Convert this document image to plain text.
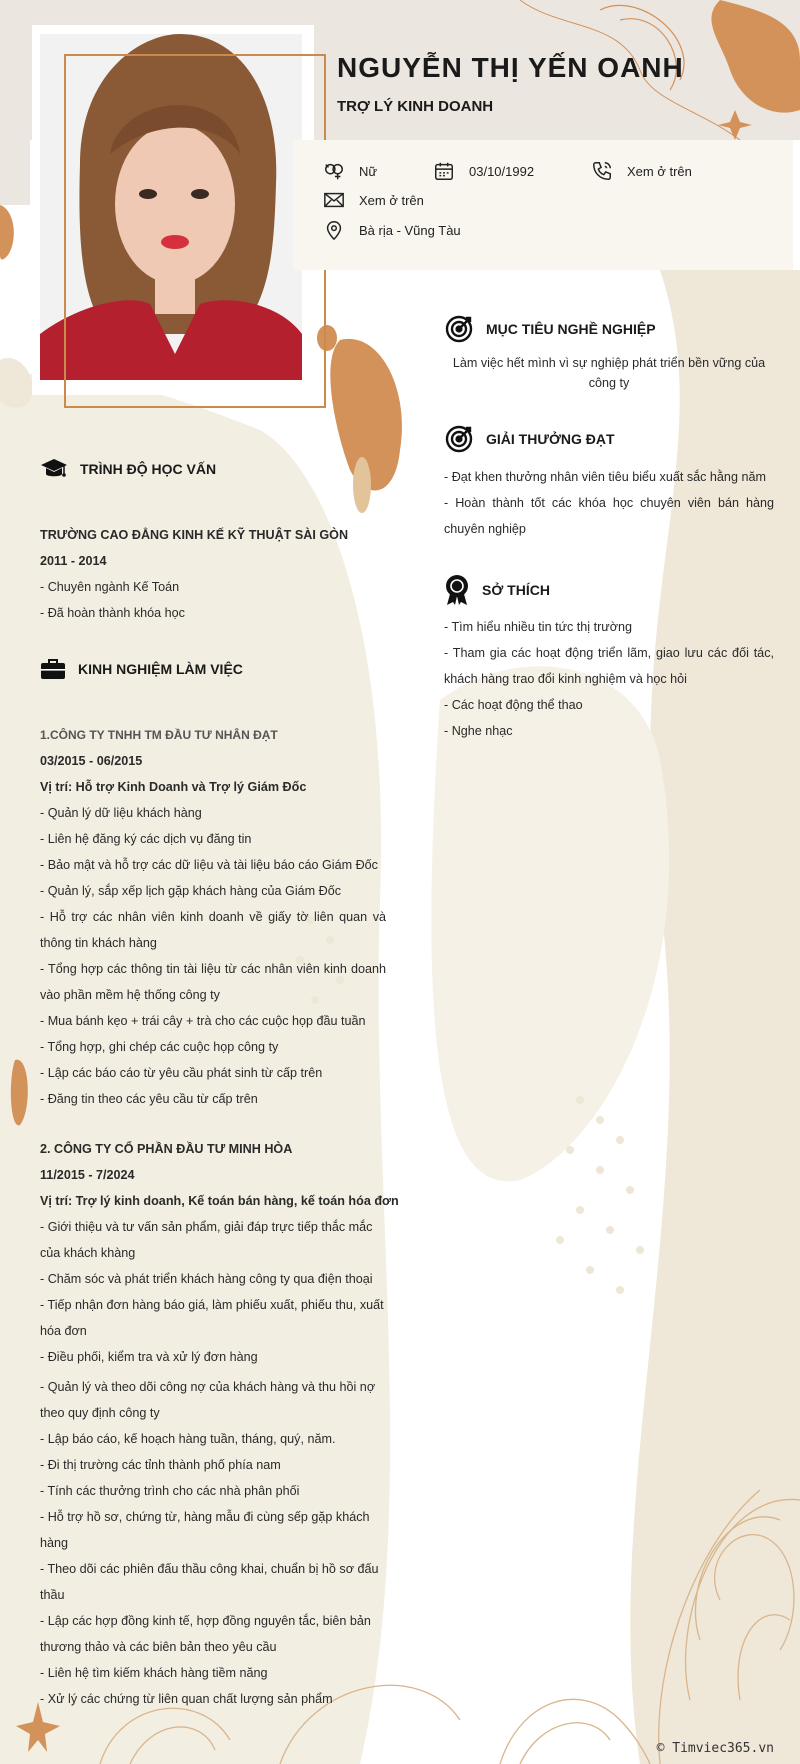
NGUYỄN THỊ YẾN OANH
TRỢ LÝ KINH DOANH
Nữ	03/10/1992	Xem ở trên
Xem ở trên
Bà rịa - Vũng Tàu
TRÌNH ĐỘ HỌC VẤN
TRƯỜNG CAO ĐẲNG KINH KẾ KỸ THUẬT SÀI GÒN
2011 - 2014
- Chuyên ngành Kế Toán
- Đã hoàn thành khóa học
KINH NGHIỆM LÀM VIỆC
1.CÔNG TY TNHH TM ĐẦU TƯ NHÂN ĐẠT
03/2015 - 06/2015
Vị trí: Hỗ trợ Kinh Doanh và Trợ lý Giám Đốc
- Quản lý dữ liệu khách hàng
- Liên hệ đăng ký các dịch vụ đăng tin
- Bảo mật và hỗ trợ các dữ liệu và tài liệu báo cáo Giám Đốc
- Quản lý, sắp xếp lịch gặp khách hàng của Giám Đốc
- Hỗ trợ các nhân viên kinh doanh về giấy tờ liên quan và thông tin khách hàng
- Tổng hợp các thông tin tài liệu từ các nhân viên kinh doanh vào phần mềm hệ thống công ty
- Mua bánh kẹo + trái cây + trà cho các cuộc họp đầu tuần
- Tổng hợp, ghi chép các cuộc họp công ty
- Lập các báo cáo từ yêu cầu phát sinh từ cấp trên
- Đăng tin theo các yêu cầu từ cấp trên
2. CÔNG TY CỔ PHẦN ĐẦU TƯ MINH HÒA
11/2015 - 7/2024
Vị trí: Trợ lý kinh doanh, Kế toán bán hàng, kế toán hóa đơn
- Giới thiệu và tư vấn sản phẩm, giải đáp trực tiếp thắc mắc của khách khàng
- Chăm sóc và phát triển khách hàng công ty qua điện thoại
- Tiếp nhận đơn hàng báo giá, làm phiếu xuất, phiếu thu, xuất hóa đơn
- Điều phối, kiểm tra và xử lý đơn hàng
- Quản lý và theo dõi công nợ của khách hàng và thu hồi nợ theo quy định công ty
- Lập báo cáo, kế hoạch hàng tuần, tháng, quý, năm.
- Đi thị trường các tỉnh thành phố phía nam
- Tính các thưởng trình cho các nhà phân phối
- Hỗ trợ hồ sơ, chứng từ, hàng mẫu đi cùng sếp gặp khách hàng
- Theo dõi các phiên đấu thầu công khai, chuẩn bị hồ sơ đấu thầu
- Lập các hợp đồng kinh tế, hợp đồng nguyên tắc, biên bản thương thảo và các biên bản theo yêu cầu
- Liên hệ tìm kiếm khách hàng tiềm năng
- Xử lý các chứng từ liên quan chất lượng sản phẩm
MỤC TIÊU NGHỀ NGHIỆP
Làm việc hết mình vì sự nghiệp phát triển bền vững của công ty
GIẢI THƯỞNG ĐẠT
- Đạt khen thưởng nhân viên tiêu biểu xuất sắc hằng năm
- Hoàn thành tốt các khóa học chuyên viên bán hàng chuyên nghiệp
SỞ THÍCH
- Tìm hiểu nhiều tin tức thị trường
- Tham gia các hoạt động triển lãm, giao lưu các đối tác, khách hàng trao đổi kinh nghiệm và học hỏi
- Các hoạt động thể thao
- Nghe nhạc
© Timviec365.vn
